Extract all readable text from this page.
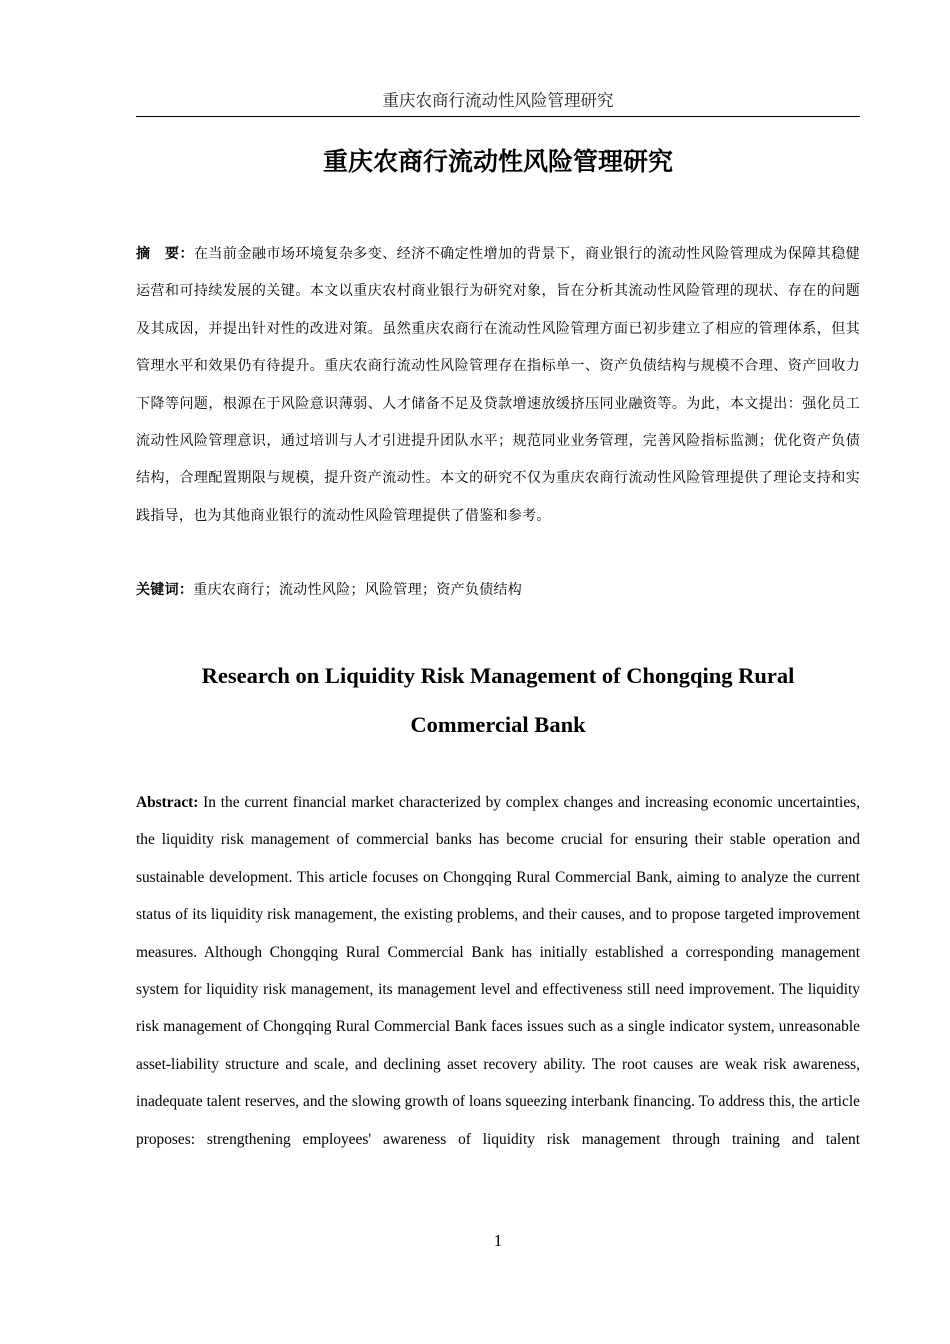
重庆农商行流动性风险管理研究
重庆农商行流动性风险管理研究
摘　要：在当前金融市场环境复杂多变、经济不确定性增加的背景下，商业银行的流动性风险管理成为保障其稳健运营和可持续发展的关键。本文以重庆农村商业银行为研究对象，旨在分析其流动性风险管理的现状、存在的问题及其成因，并提出针对性的改进对策。虽然重庆农商行在流动性风险管理方面已初步建立了相应的管理体系，但其管理水平和效果仍有待提升。重庆农商行流动性风险管理存在指标单一、资产负债结构与规模不合理、资产回收力下降等问题，根源在于风险意识薄弱、人才储备不足及贷款增速放缓挤压同业融资等。为此，本文提出：强化员工流动性风险管理意识，通过培训与人才引进提升团队水平；规范同业业务管理，完善风险指标监测；优化资产负债结构，合理配置期限与规模，提升资产流动性。本文的研究不仅为重庆农商行流动性风险管理提供了理论支持和实践指导，也为其他商业银行的流动性风险管理提供了借鉴和参考。
关键词：重庆农商行；流动性风险；风险管理；资产负债结构
Research on Liquidity Risk Management of Chongqing Rural Commercial Bank
Abstract: In the current financial market characterized by complex changes and increasing economic uncertainties, the liquidity risk management of commercial banks has become crucial for ensuring their stable operation and sustainable development. This article focuses on Chongqing Rural Commercial Bank, aiming to analyze the current status of its liquidity risk management, the existing problems, and their causes, and to propose targeted improvement measures. Although Chongqing Rural Commercial Bank has initially established a corresponding management system for liquidity risk management, its management level and effectiveness still need improvement. The liquidity risk management of Chongqing Rural Commercial Bank faces issues such as a single indicator system, unreasonable asset-liability structure and scale, and declining asset recovery ability. The root causes are weak risk awareness, inadequate talent reserves, and the slowing growth of loans squeezing interbank financing. To address this, the article proposes: strengthening employees' awareness of liquidity risk management through training and talent
1
